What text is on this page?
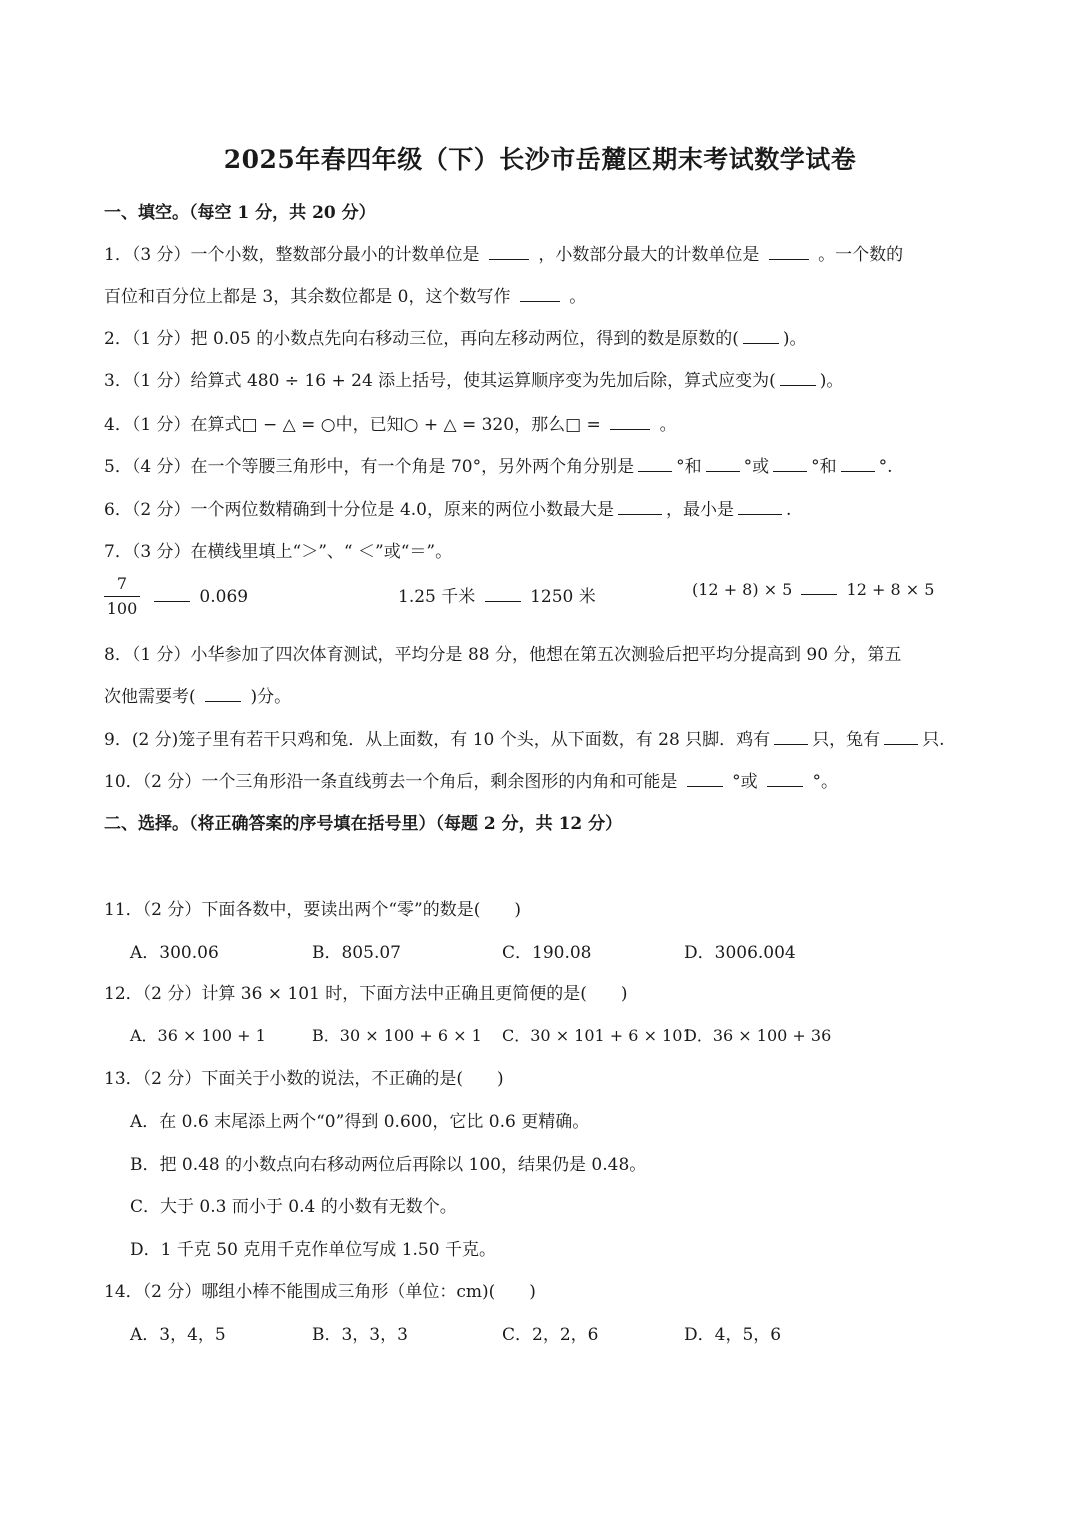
2025年春四年级（下）长沙市岳麓区期末考试数学试卷
一、填空。（每空 1 分，共 20 分）
1．（3 分）一个小数，整数部分最小的计数单位是	，小数部分最大的计数单位是	。一个数的
百位和百分位上都是 3，其余数位都是 0，这个数写作	。
2．（1 分）把 0.05 的小数点先向右移动三位，再向左移动两位，得到的数是原数的(	)。
3．（1 分）给算式 480 ÷ 16 + 24 添上括号，使其运算顺序变为先加后除，算式应变为(	)。
4．（1 分）在算式□ − △ = ○中，已知○ + △ = 320，那么□ =	。
5．（4 分）在一个等腰三角形中，有一个角是 70°，另外两个角分别是 °和 °或 °和 °.
6．（2 分）一个两位数精确到十分位是 4.0，原来的两位小数最大是	，最小是	.
7．（3 分）在横线里填上“＞”、“ ＜”或“＝”。
7
100
0.069	1.25 千米	1250 米	(12 + 8) × 5	12 + 8 × 5
8．（1 分）小华参加了四次体育测试，平均分是 88 分，他想在第五次测验后把平均分提高到 90 分，第五
次他需要考(	)分。
9．(2 分)笼子里有若干只鸡和兔．从上面数，有 10 个头，从下面数，有 28 只脚．鸡有 只，兔有 只.
10．（2 分）一个三角形沿一条直线剪去一个角后，剩余图形的内角和可能是	°或	°。
二、选择。（将正确答案的序号填在括号里）（每题 2 分，共 12 分）
11．（2 分）下面各数中，要读出两个“零”的数是(　　)
A．300.06	B．805.07	C．190.08	D．3006.004
12．（2 分）计算 36 × 101 时，下面方法中正确且更简便的是(　　)
A．36 × 100 + 1	B．30 × 100 + 6 × 1 C．30 × 101 + 6 × 101
D．36 × 100 + 36
13．（2 分）下面关于小数的说法，不正确的是(　　)
A．在 0.6 末尾添上两个“0”得到 0.600，它比 0.6 更精确。
B．把 0.48 的小数点向右移动两位后再除以 100，结果仍是 0.48。
C．大于 0.3 而小于 0.4 的小数有无数个。
D．1 千克 50 克用千克作单位写成 1.50 千克。
14．（2 分）哪组小棒不能围成三角形（单位：cm)(　　)
A．3，4，5	B．3，3，3	C．2，2，6	D．4，5，6
